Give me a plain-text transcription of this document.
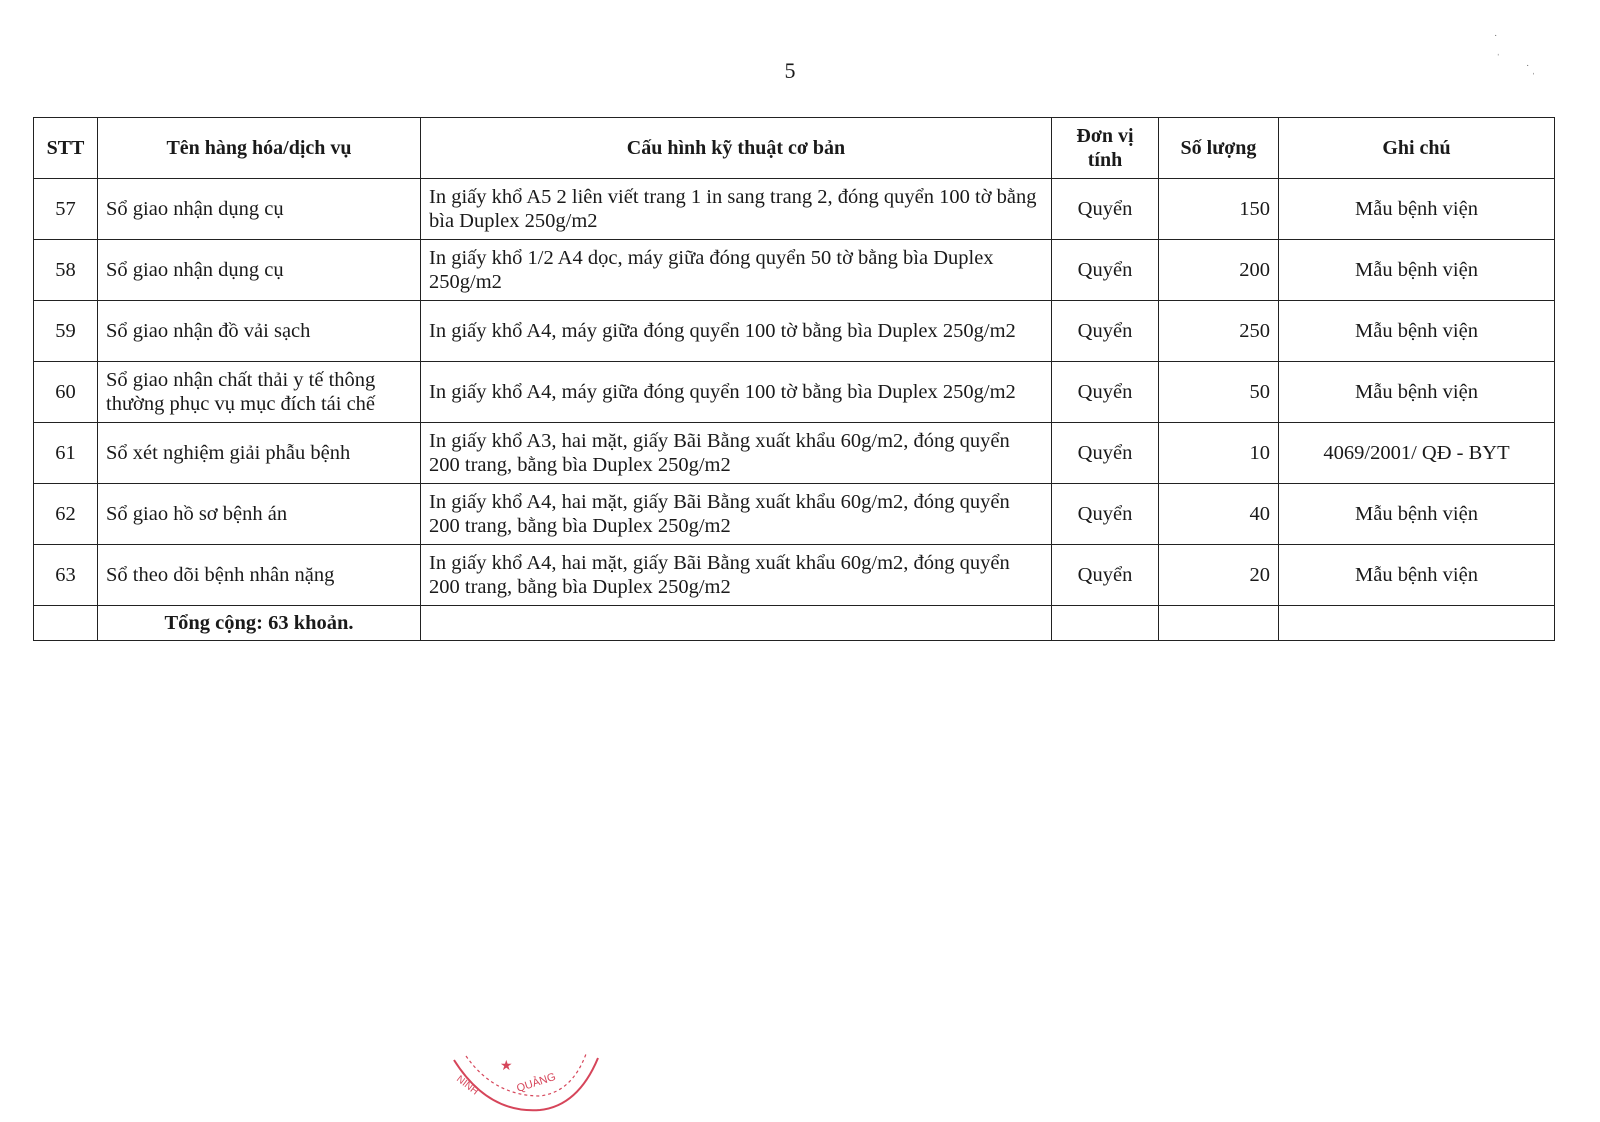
5
˙
ˌ
˙ ˌ
STT	Tên hàng hóa/dịch vụ	Cấu hình kỹ thuật cơ bản	Đơn vị tính	Số lượng	Ghi chú
57	Sổ giao nhận dụng cụ	In giấy khổ A5 2 liên viết trang 1 in sang trang 2, đóng quyển 100 tờ bằng bìa Duplex 250g/m2	Quyển	150	Mẫu bệnh viện
58	Sổ giao nhận dụng cụ	In giấy khổ 1/2 A4 dọc, máy giữa đóng quyển 50 tờ bằng bìa Duplex 250g/m2	Quyển	200	Mẫu bệnh viện
59	Sổ giao nhận đồ vải sạch	In giấy khổ A4, máy giữa đóng quyển 100 tờ bằng bìa Duplex 250g/m2	Quyển	250	Mẫu bệnh viện
60	Sổ giao nhận chất thải y tế thông thường phục vụ mục đích tái chế	In giấy khổ A4, máy giữa đóng quyển 100 tờ bằng bìa Duplex 250g/m2	Quyển	50	Mẫu bệnh viện
61	Sổ xét nghiệm giải phẫu bệnh	In giấy khổ A3, hai mặt, giấy Bãi Bằng xuất khẩu 60g/m2, đóng quyển 200 trang, bằng bìa Duplex 250g/m2	Quyển	10	4069/2001/ QĐ - BYT
62	Sổ giao hồ sơ bệnh án	In giấy khổ A4, hai mặt, giấy Bãi Bằng xuất khẩu 60g/m2, đóng quyển 200 trang, bằng bìa Duplex 250g/m2	Quyển	40	Mẫu bệnh viện
63	Sổ theo dõi bệnh nhân nặng	In giấy khổ A4, hai mặt, giấy Bãi Bằng xuất khẩu 60g/m2, đóng quyển 200 trang, bằng bìa Duplex 250g/m2	Quyển	20	Mẫu bệnh viện
	Tổng cộng: 63 khoản.				
NINH	QUẢNG
★
